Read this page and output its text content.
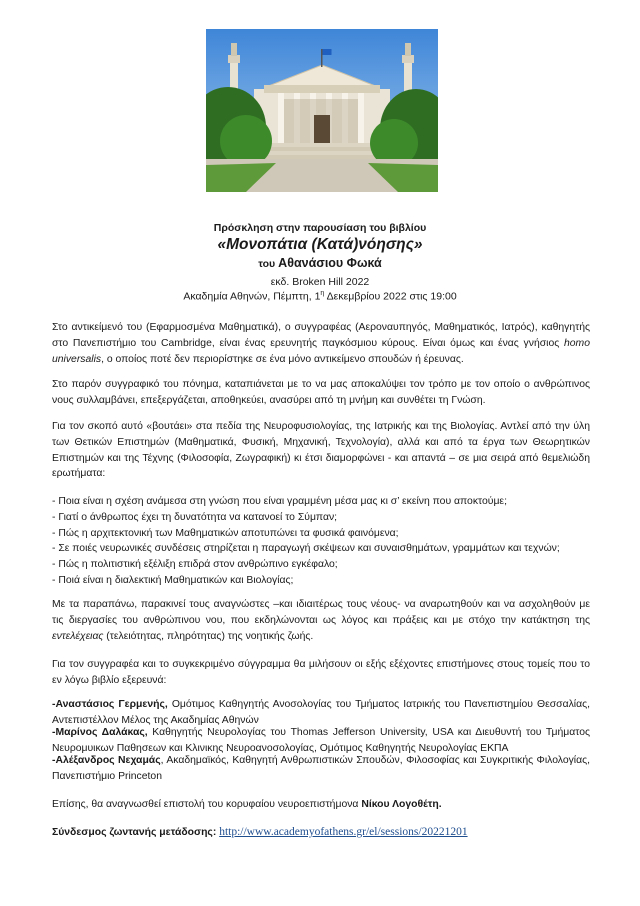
Πρόσκληση στην παρουσίαση του βιβλίου
«Μονοπάτια (Κατά)νόησης»
του Αθανάσιου Φωκά
εκδ. Broken Hill 2022
Ακαδημία Αθηνών, Πέμπτη, $1^\eta$ Δεκεμβρίου 2022 στις 19:00
Στο αντικείμενό του (Εφαρμοσμένα Μαθηματικά), ο συγγραφέας (Αεροναυπηγός, Μαθηματικός, Ιατρός), καθηγητής στο Πανεπιστήμιο του Cambridge, είναι ένας ερευνητής παγκόσμιου κύρους. Είναι όμως και ένας γνήσιος homo universalis, ο οποίος ποτέ δεν περιορίστηκε σε ένα μόνο αντικείμενο σπουδών ή έρευνας.
Στο παρόν συγγραφικό του πόνημα, καταπιάνεται με το να μας αποκαλύψει τον τρόπο με τον οποίο ο ανθρώπινος νους συλλαμβάνει, επεξεργάζεται, αποθηκεύει, ανασύρει από τη μνήμη και συνθέτει τη Γνώση.
Για τον σκοπό αυτό «βουτάει» στα πεδία της Νευροφυσιολογίας, της Ιατρικής και της Βιολογίας. Αντλεί από την ύλη των Θετικών Επιστημών (Μαθηματικά, Φυσική, Μηχανική, Τεχνολογία), αλλά και από τα έργα των Θεωρητικών Επιστημών και της Τέχνης (Φιλοσοφία, Ζωγραφική) κι έτσι διαμορφώνει - και απαντά – σε μια σειρά από θεμελιώδη ερωτήματα:
- Ποια είναι η σχέση ανάμεσα στη γνώση που είναι γραμμένη μέσα μας κι σ’ εκείνη που αποκτούμε;
- Γιατί ο άνθρωπος έχει τη δυνατότητα να κατανοεί το Σύμπαν;
- Πώς η αρχιτεκτονική των Μαθηματικών αποτυπώνει τα φυσικά φαινόμενα;
- Σε ποιές νευρωνικές συνδέσεις στηρίζεται η παραγωγή σκέψεων και συναισθημάτων, γραμμάτων και τεχνών;
- Πώς η πολιτιστική εξέλιξη επιδρά στον ανθρώπινο εγκέφαλο;
- Ποιά είναι η διαλεκτική Μαθηματικών και Βιολογίας;
Με τα παραπάνω, παρακινεί τους αναγνώστες –και ιδιαιτέρως τους νέους- να αναρωτηθούν και να ασχοληθούν με τις διεργασίες του ανθρώπινου νου, που εκδηλώνονται ως λόγος και πράξεις και με στόχο την κατάκτηση της εντελέχειας (τελειότητας, πληρότητας) της νοητικής ζωής.
Για τον συγγραφέα και το συγκεκριμένο σύγγραμμα θα μιλήσουν οι εξής εξέχοντες επιστήμονες στους τομείς που το εν λόγω βιβλίο εξερευνά:
-Αναστάσιος Γερμενής, Ομότιμος Καθηγητής Ανοσολογίας του Τμήματος Ιατρικής του Πανεπιστημίου Θεσσαλίας, Αντεπιστέλλον Μέλος της Ακαδημίας Αθηνών
-Μαρίνος Δαλάκας, Καθηγητής Νευρολογίας του Thomas Jefferson University, USA και Διευθυντή του Τμήματος Νευρομυικων Παθησεων και Κλινικης Νευροανοσολογίας, Ομότιμος Καθηγητής Νευρολογίας ΕΚΠΑ
-Αλέξανδρος Νεχαμάς, Ακαδημαϊκός, Καθηγητή Ανθρωπιστικών Σπουδών, Φιλοσοφίας και Συγκριτικής Φιλολογίας, Πανεπιστήμιο Princeton
Επίσης, θα αναγνωσθεί επιστολή του κορυφαίου νευροεπιστήμονα Νίκου Λογοθέτη.
Σύνδεσμος ζωντανής μετάδοσης: http://www.academyofathens.gr/el/sessions/20221201
